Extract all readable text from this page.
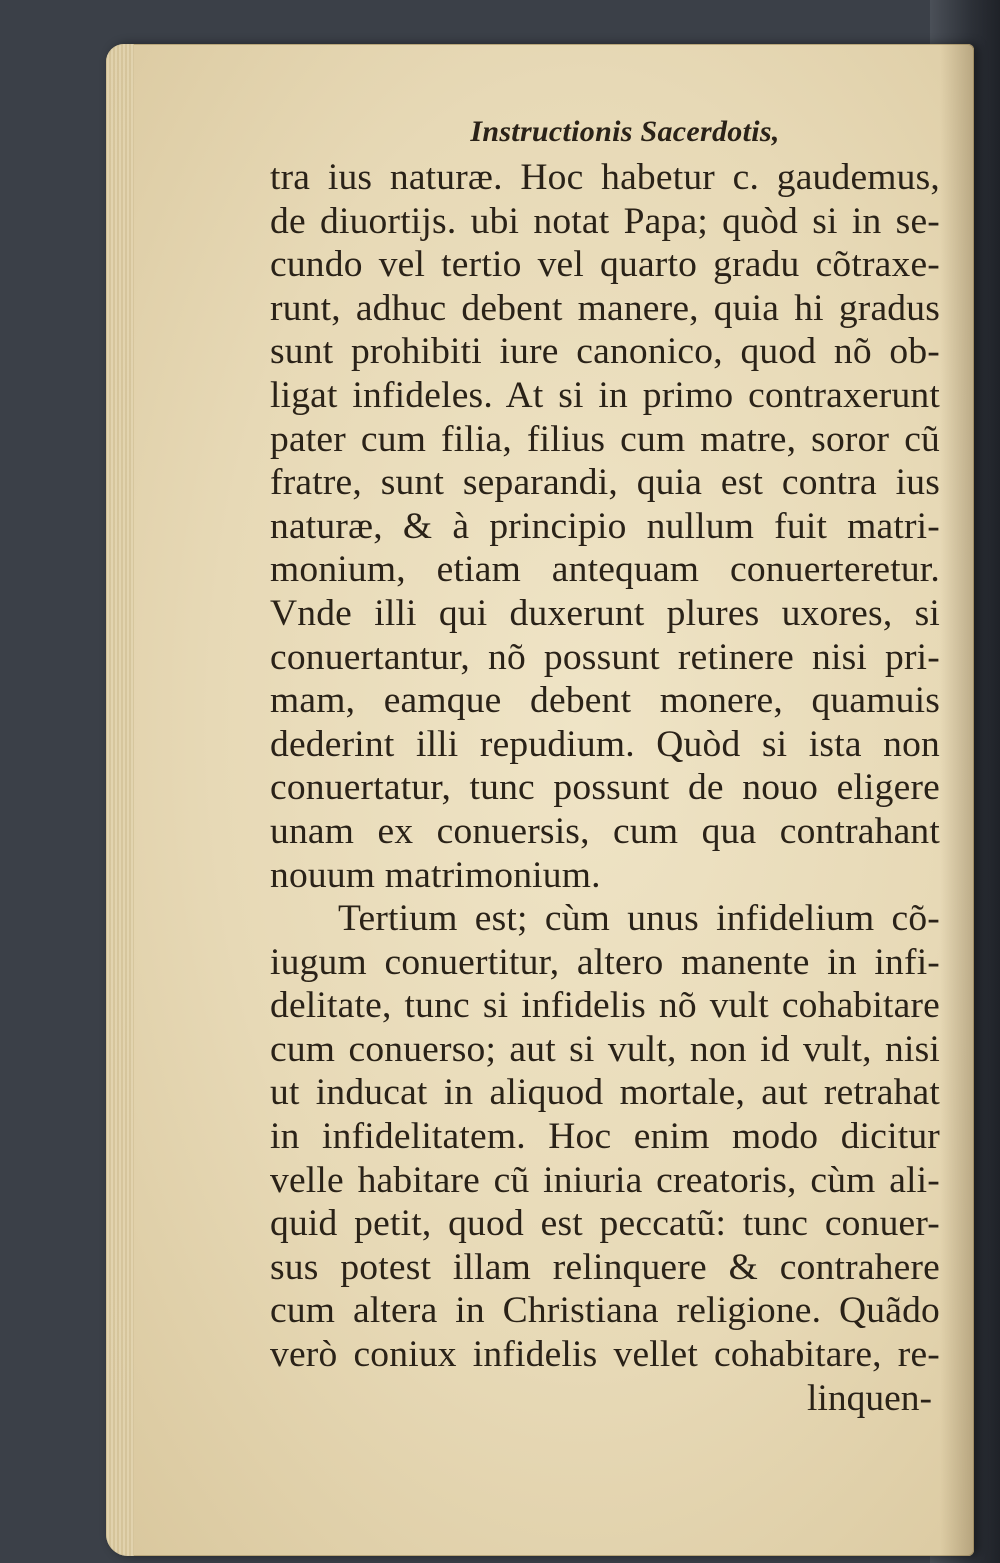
Instructionis Sacerdotis,
tra ius naturæ. Hoc habetur c. gaudemus,
de diuortijs. ubi notat Papa; quòd si in se-
cundo vel tertio vel quarto gradu cõtraxe-
runt, adhuc debent manere, quia hi gradus
sunt prohibiti iure canonico, quod nõ ob-
ligat infideles. At si in primo contraxerunt
pater cum filia, filius cum matre, soror cũ
fratre, sunt separandi, quia est contra ius
naturæ, & à principio nullum fuit matri-
monium, etiam antequam conuerteretur.
Vnde illi qui duxerunt plures uxores, si
conuertantur, nõ possunt retinere nisi pri-
mam, eamque debent monere, quamuis
dederint illi repudium. Quòd si ista non
conuertatur, tunc possunt de nouo eligere
unam ex conuersis, cum qua contrahant
nouum matrimonium.
Tertium est; cùm unus infidelium cõ-
iugum conuertitur, altero manente in infi-
delitate, tunc si infidelis nõ vult cohabitare
cum conuerso; aut si vult, non id vult, nisi
ut inducat in aliquod mortale, aut retrahat
in infidelitatem. Hoc enim modo dicitur
velle habitare cũ iniuria creatoris, cùm ali-
quid petit, quod est peccatũ: tunc conuer-
sus potest illam relinquere & contrahere
cum altera in Christiana religione. Quãdo
verò coniux infidelis vellet cohabitare, re-
linquen-
